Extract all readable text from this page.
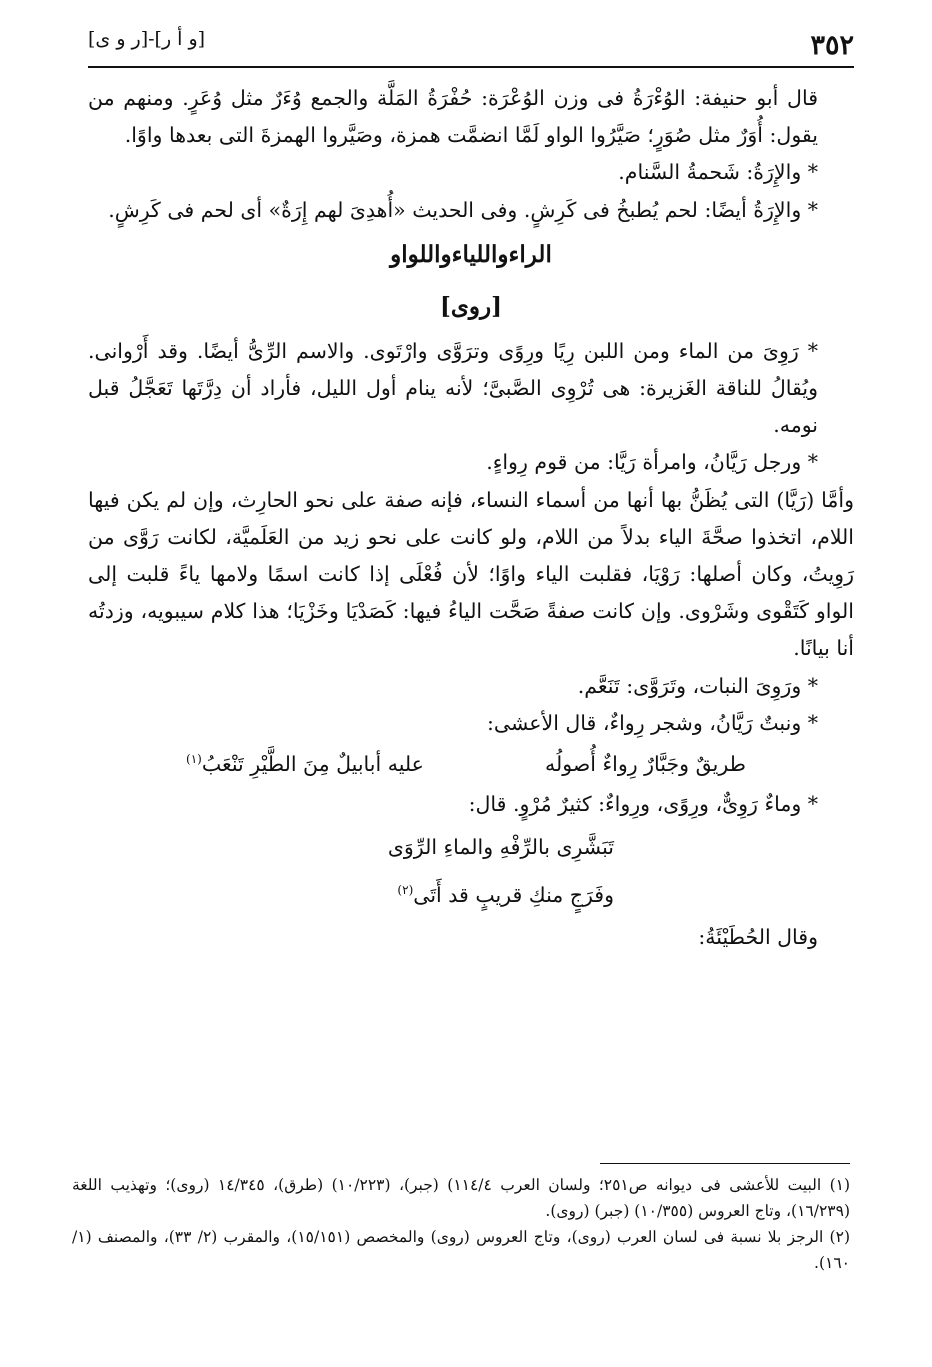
٣٥٢
[و أ ر]-[ر و ى]

قال أبو حنيفة: الوُءْرَةُ فى وزن الوُعْرَة: حُفْرَةُ المَلَّة والجمع وُءَرٌ مثل وُعَرٍ. ومنهم من يقول: أُوَرٌ مثل صُوَرٍ؛ صَيَّرُوا الواو لَمَّا انضمَّت همزة، وصَيَّروا الهمزةَ التى بعدها واوًا.

* والإِرَةُ: شَحمةُ السَّنام.

* والإِرَةُ أيضًا: لحم يُطبخُ فى كَرِشٍ. وفى الحديث «أُهدِىَ لهم إِرَةٌ» أى لحم فى كَرِشٍ.

الراءواللياءواللواو
[روى]

* رَوِىَ من الماء ومن اللبن رِيًا ورِوًى وترَوَّى وارْتَوى. والاسم الرِّىُّ أيضًا. وقد أَرْوانى. ويُقالُ للناقة الغَزيرة: هى تُرْوِى الصَّبىَّ؛ لأنه ينام أول الليل، فأراد أن دِرَّتَها تَعَجَّلُ قبل نومه.

* ورجل رَيَّانُ، وامرأة رَيَّا: من قوم رِواءٍ.

وأمَّا (رَيَّا) التى يُظَنُّ بها أنها من أسماء النساء، فإنه صفة على نحو الحارِث، وإن لم يكن فيها اللام، اتخذوا صحَّةَ الياء بدلاً من اللام، ولو كانت على نحو زيد من العَلَميَّة، لكانت رَوَّى من رَوِيتُ، وكان أصلها: رَوْيَا، فقلبت الياء واوًا؛ لأن فُعْلَى إذا كانت اسمًا ولامها ياءً قلبت إلى الواو كَتَقْوى وشَرْوى. وإن كانت صفةً صَحَّت الياءُ فيها: كَصَدْيَا وخَزْيَا؛ هذا كلام سيبويه، وزدتُه أنا بيانًا.

* ورَوِىَ النبات، وتَرَوَّى: تَنَعَّم.

* ونبتٌ رَيَّانُ، وشجر رِواءٌ، قال الأعشى:

طريقٌ وجَبَّارٌ رِواءٌ أُصولُه
عليه أبابيلٌ مِنَ الطَّيْرِ تَنْعَبُ$^{(١)}$

* وماءٌ رَوِىٌّ، ورِوًى، ورِواءٌ: كثيرٌ مُرْوٍ. قال:

تَبَشَّرِى بالرِّفْهِ والماءِ الرِّوَى
وفَرَجٍ منكِ قريبٍ قد أَتَى$^{(٢)}$

وقال الحُطَيْئَةُ:

(١) البيت للأعشى فى ديوانه ص٢٥١؛ ولسان العرب ١١٤/٤) (جبر)، (١٠/٢٢٣) (طرق)، ١٤/٣٤٥ (روى)؛ وتهذيب اللغة (١٦/٢٣٩)، وتاج العروس (١٠/٣٥٥) (جبر) (روى).

(٢) الرجز بلا نسبة فى لسان العرب (روى)، وتاج العروس (روى) والمخصص (١٥/١٥١)، والمقرب (٢/ ٣٣)، والمصنف (١/ ١٦٠).
